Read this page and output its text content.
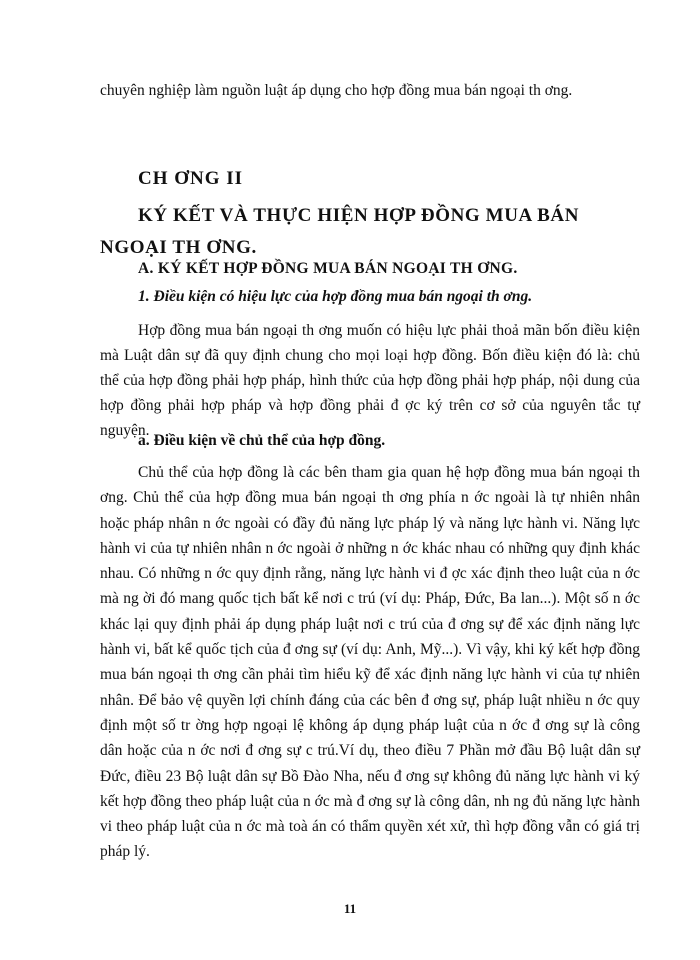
chuyên nghiệp làm nguồn luật áp dụng cho hợp đồng mua bán ngoại th ơng.

CH ƠNG II
KÝ KẾT VÀ THỰC HIỆN HỢP ĐỒNG MUA BÁN NGOẠI TH ƠNG.
A. KÝ KẾT HỢP ĐỒNG MUA BÁN NGOẠI TH ƠNG.
1. Điều kiện có hiệu lực của hợp đồng mua bán ngoại th ơng.

Hợp đồng mua bán ngoại th ơng muốn có hiệu lực phải thoả mãn bốn điều kiện mà Luật dân sự đã quy định chung cho mọi loại hợp đồng. Bốn điều kiện đó là: chủ thể của hợp đồng phải hợp pháp, hình thức của hợp đồng phải hợp pháp, nội dung của hợp đồng phải hợp pháp và hợp đồng phải đ ợc ký trên cơ sở của nguyên tắc tự nguyện.

a. Điều kiện về chủ thể của hợp đồng.

Chủ thể của hợp đồng là các bên tham gia quan hệ hợp đồng mua bán ngoại th ơng. Chủ thể của hợp đồng mua bán ngoại th ơng phía n ớc ngoài là tự nhiên nhân hoặc pháp nhân n ớc ngoài có đầy đủ năng lực pháp lý và năng lực hành vi. Năng lực hành vi của tự nhiên nhân n ớc ngoài ở những n ớc khác nhau có những quy định khác nhau. Có những n ớc quy định rằng, năng lực hành vi đ ợc xác định theo luật của n ớc mà ng ời đó mang quốc tịch bất kể nơi c trú (ví dụ: Pháp, Đức, Ba lan...). Một số n ớc khác lại quy định phải áp dụng pháp luật nơi c trú của đ ơng sự để xác định năng lực hành vi, bất kể quốc tịch của đ ơng sự (ví dụ: Anh, Mỹ...). Vì vậy, khi ký kết hợp đồng mua bán ngoại th ơng cần phải tìm hiểu kỹ để xác định năng lực hành vi của tự nhiên nhân. Để bảo vệ quyền lợi chính đáng của các bên đ ơng sự, pháp luật nhiều n ớc quy định một số tr ờng hợp ngoại lệ không áp dụng pháp luật của n ớc đ ơng sự là công dân hoặc của n ớc nơi đ ơng sự c trú.Ví dụ, theo điều 7 Phần mở đầu Bộ luật dân sự Đức, điều 23 Bộ luật dân sự Bồ Đào Nha, nếu đ ơng sự không đủ năng lực hành vi ký kết hợp đồng theo pháp luật của n ớc mà đ ơng sự là công dân, nh ng đủ năng lực hành vi theo pháp luật của n ớc mà toà án có thẩm quyền xét xử, thì hợp đồng vẫn có giá trị pháp lý.

11
